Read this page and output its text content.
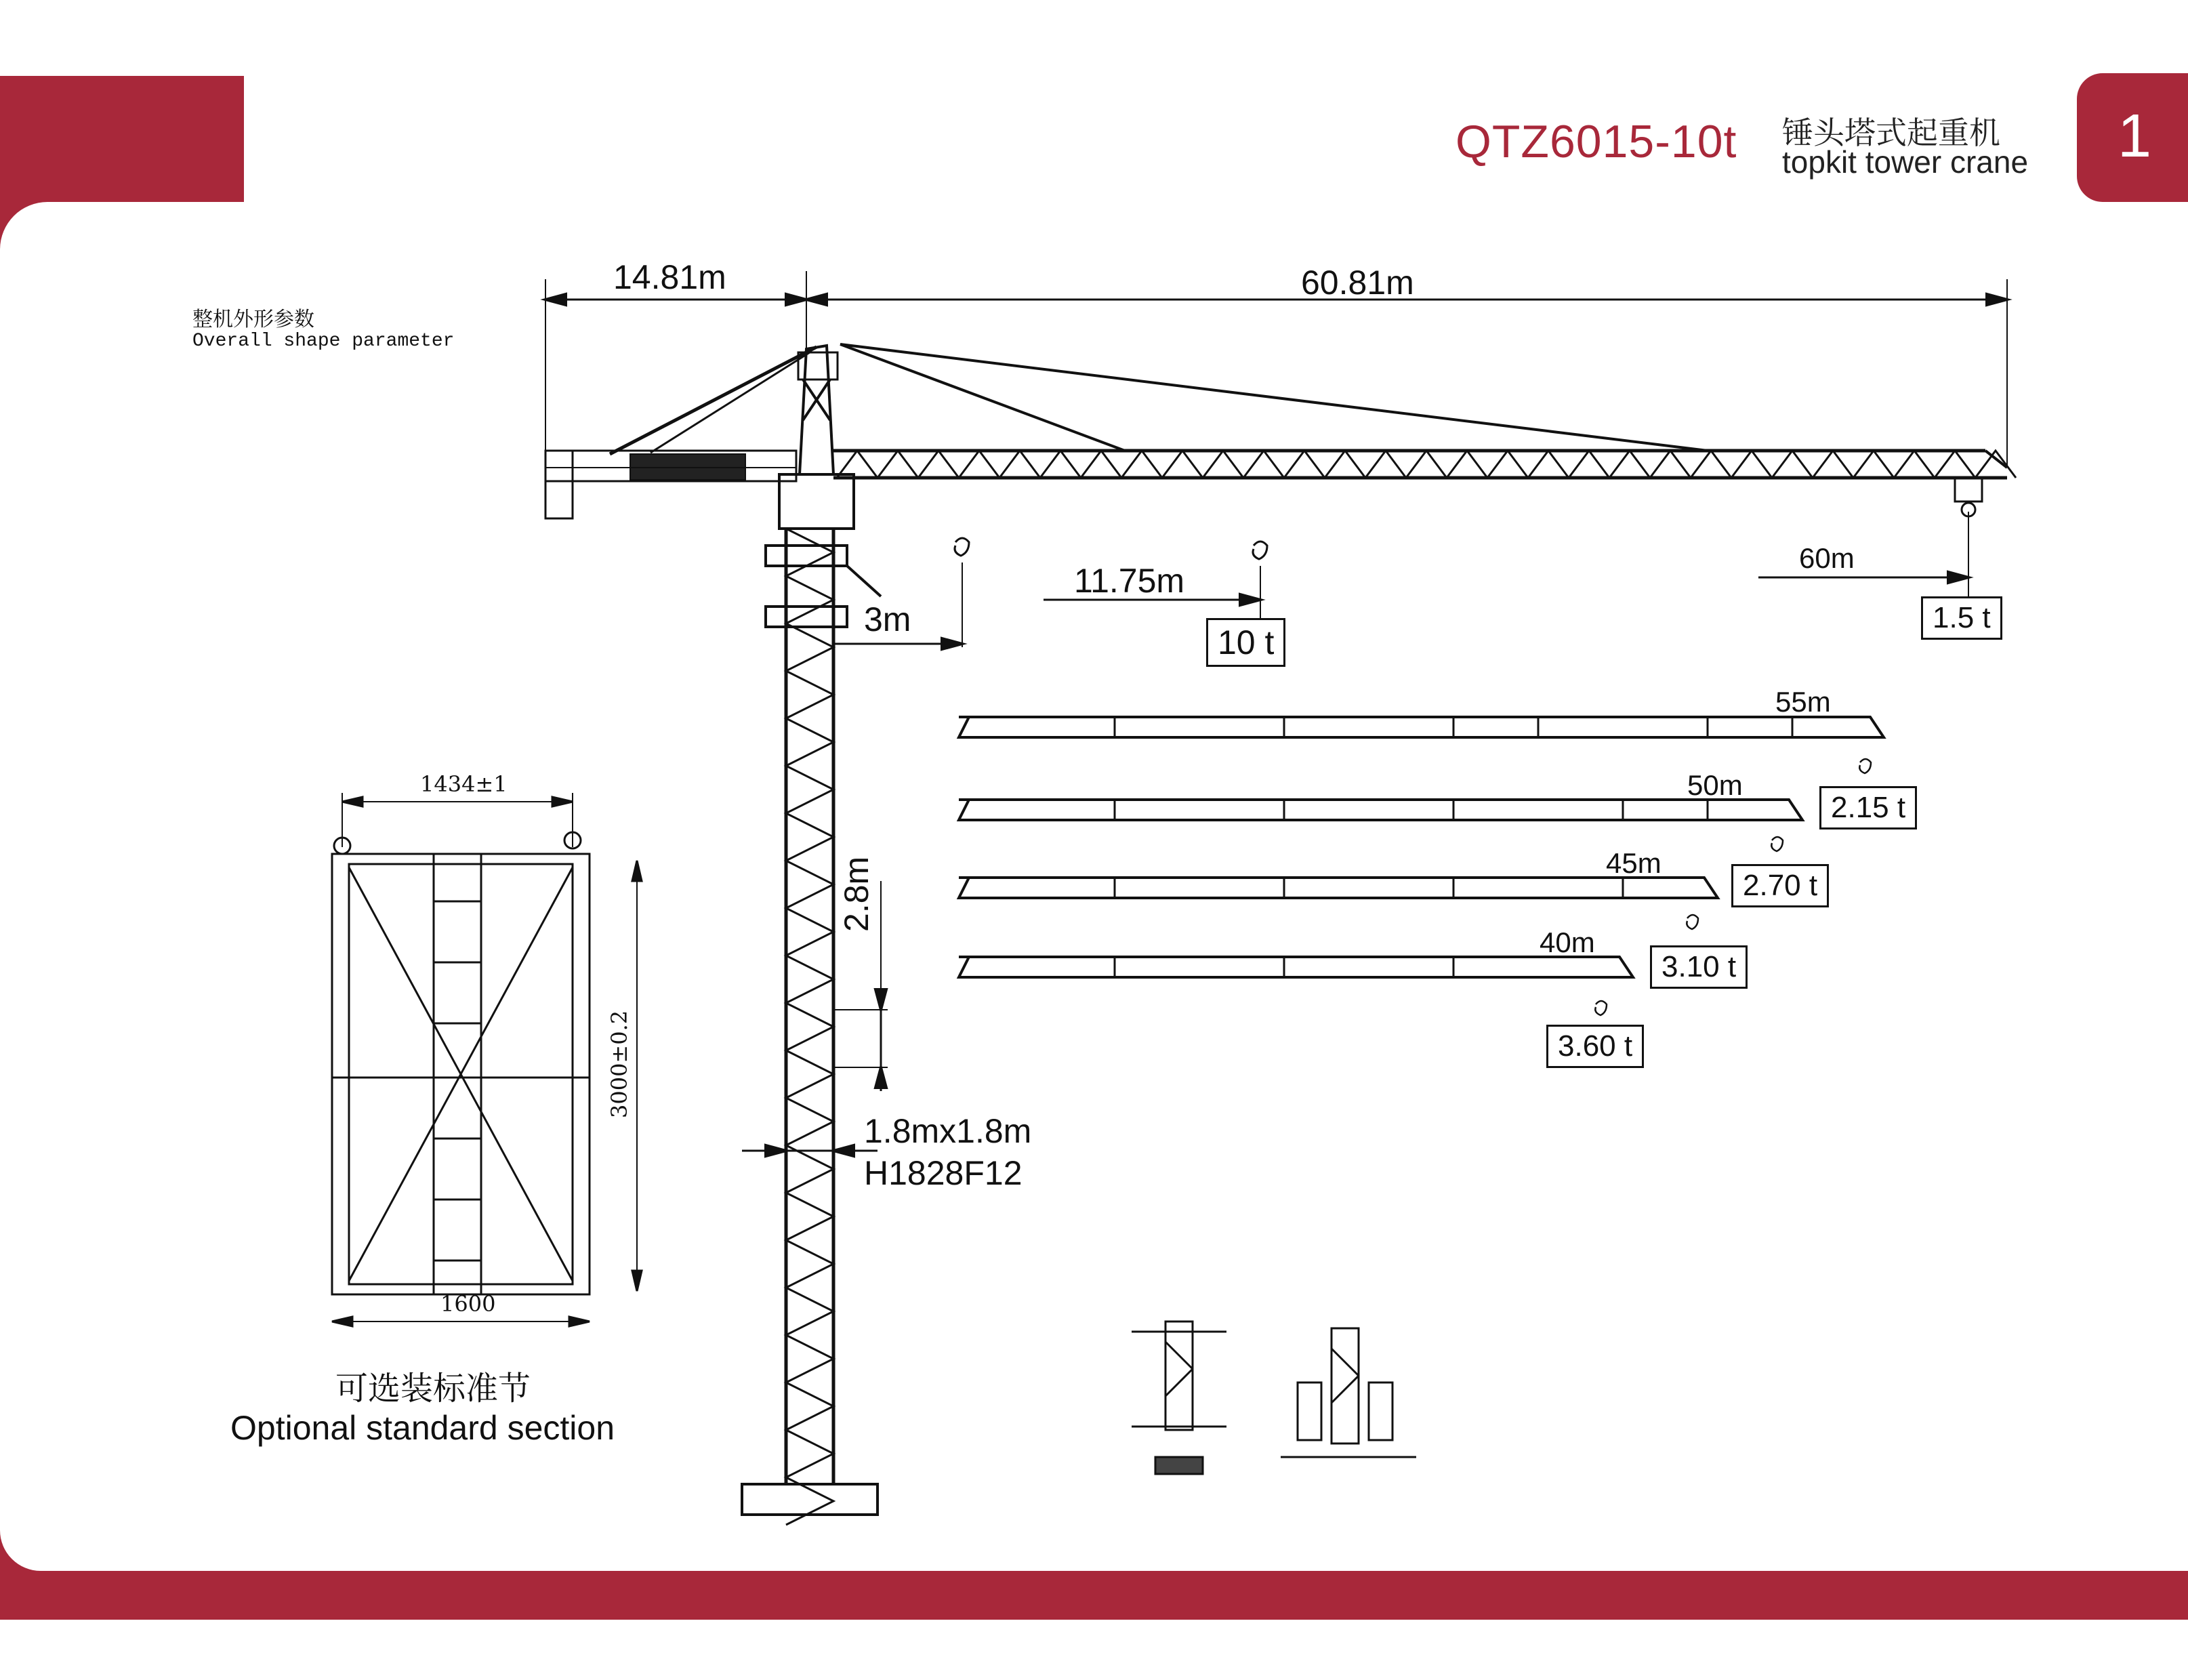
QTZ6015-10t 锤头塔式起重机
topkit tower crane 1
整机外形参数
Overall shape parameter
14.81m	60.81m
3m
11.75m
10 t
60m
1.5 t
2.8m
1.8mx1.8m
H1828F12
55m
50m
2.15 t
45m
2.70 t
40m
3.10 t
3.60 t
1434±1
3000±0.2
1600
可选装标准节
Optional standard section
